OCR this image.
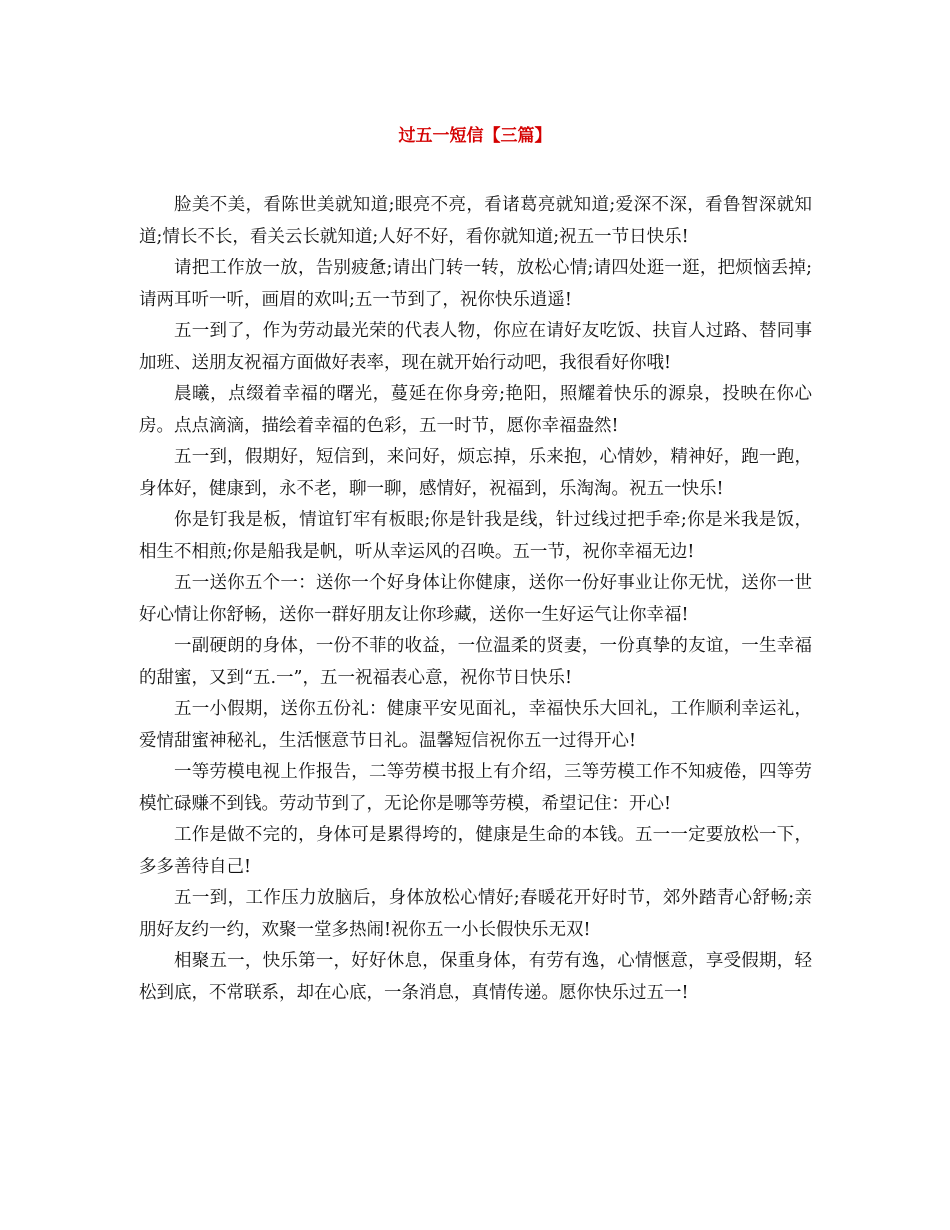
过五一短信【三篇】

脸美不美，看陈世美就知道;眼亮不亮，看诸葛亮就知道;爱深不深，看鲁智深就知道;情长不长，看关云长就知道;人好不好，看你就知道;祝五一节日快乐!

请把工作放一放，告别疲惫;请出门转一转，放松心情;请四处逛一逛，把烦恼丢掉;请两耳听一听，画眉的欢叫;五一节到了，祝你快乐逍遥!

五一到了，作为劳动最光荣的代表人物，你应在请好友吃饭、扶盲人过路、替同事加班、送朋友祝福方面做好表率，现在就开始行动吧，我很看好你哦!

晨曦，点缀着幸福的曙光，蔓延在你身旁;艳阳，照耀着快乐的源泉，投映在你心房。点点滴滴，描绘着幸福的色彩，五一时节，愿你幸福盎然!

五一到，假期好，短信到，来问好，烦忘掉，乐来抱，心情妙，精神好，跑一跑，身体好，健康到，永不老，聊一聊，感情好，祝福到，乐淘淘。祝五一快乐!

你是钉我是板，情谊钉牢有板眼;你是针我是线，针过线过把手牵;你是米我是饭，相生不相煎;你是船我是帆，听从幸运风的召唤。五一节，祝你幸福无边!

五一送你五个一：送你一个好身体让你健康，送你一份好事业让你无忧，送你一世好心情让你舒畅，送你一群好朋友让你珍藏，送你一生好运气让你幸福!

一副硬朗的身体，一份不菲的收益，一位温柔的贤妻，一份真挚的友谊，一生幸福的甜蜜，又到“五.一”，五一祝福表心意，祝你节日快乐!

五一小假期，送你五份礼：健康平安见面礼，幸福快乐大回礼，工作顺利幸运礼，爱情甜蜜神秘礼，生活惬意节日礼。温馨短信祝你五一过得开心!

一等劳模电视上作报告，二等劳模书报上有介绍，三等劳模工作不知疲倦，四等劳模忙碌赚不到钱。劳动节到了，无论你是哪等劳模，希望记住：开心!

工作是做不完的，身体可是累得垮的，健康是生命的本钱。五一一定要放松一下，多多善待自己!

五一到，工作压力放脑后，身体放松心情好;春暖花开好时节，郊外踏青心舒畅;亲朋好友约一约，欢聚一堂多热闹!祝你五一小长假快乐无双!

相聚五一，快乐第一，好好休息，保重身体，有劳有逸，心情惬意，享受假期，轻松到底，不常联系，却在心底，一条消息，真情传递。愿你快乐过五一!
